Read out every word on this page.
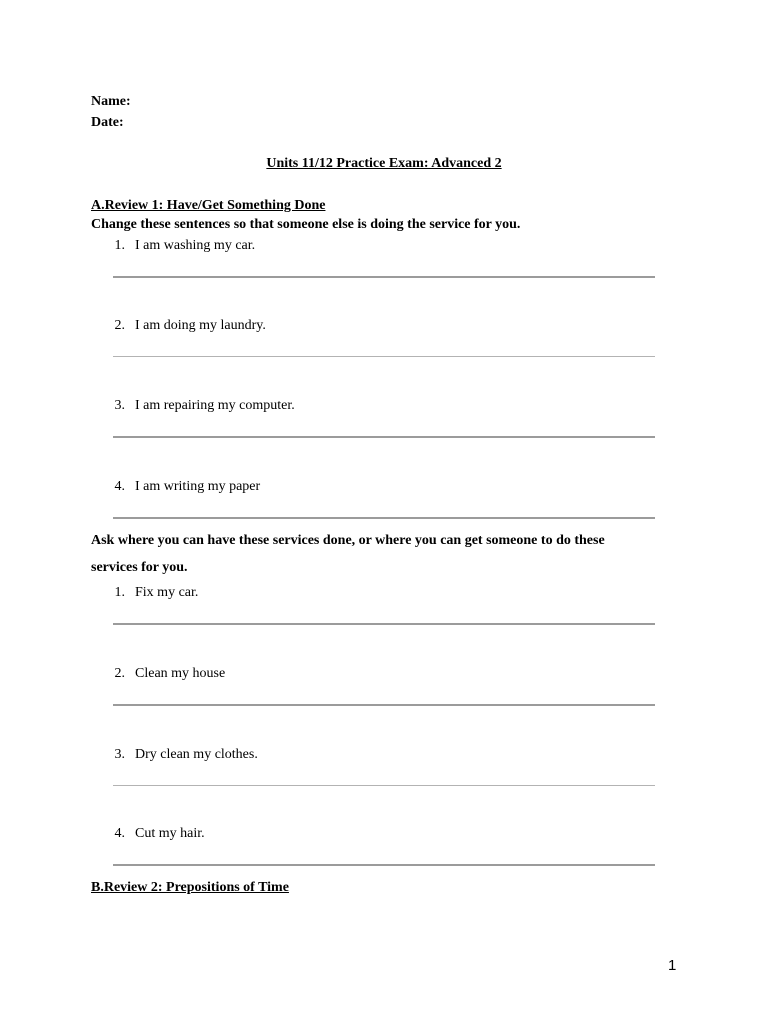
Name:
Date:
Units 11/12 Practice Exam: Advanced 2
A.Review 1: Have/Get Something Done
Change these sentences so that someone else is doing the service for you.
1. I am washing my car.
2. I am doing my laundry.
3. I am repairing my computer.
4. I am writing my paper
Ask where you can have these services done, or where you can get someone to do these
services for you.
1. Fix my car.
2. Clean my house
3. Dry clean my clothes.
4. Cut my hair.
B.Review 2: Prepositions of Time
1
